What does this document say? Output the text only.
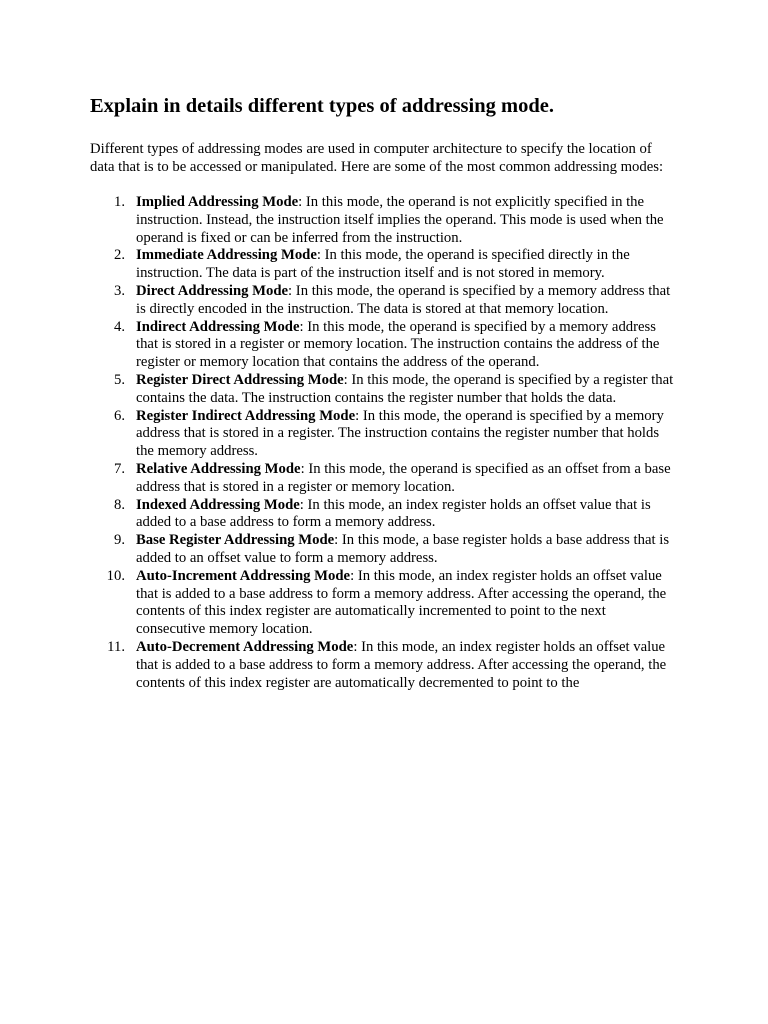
Explain in details different types of addressing mode.

Different types of addressing modes are used in computer architecture to specify the location of data that is to be accessed or manipulated. Here are some of the most common addressing modes:

1. Implied Addressing Mode: In this mode, the operand is not explicitly specified in the instruction. Instead, the instruction itself implies the operand. This mode is used when the operand is fixed or can be inferred from the instruction.
2. Immediate Addressing Mode: In this mode, the operand is specified directly in the instruction. The data is part of the instruction itself and is not stored in memory.
3. Direct Addressing Mode: In this mode, the operand is specified by a memory address that is directly encoded in the instruction. The data is stored at that memory location.
4. Indirect Addressing Mode: In this mode, the operand is specified by a memory address that is stored in a register or memory location. The instruction contains the address of the register or memory location that contains the address of the operand.
5. Register Direct Addressing Mode: In this mode, the operand is specified by a register that contains the data. The instruction contains the register number that holds the data.
6. Register Indirect Addressing Mode: In this mode, the operand is specified by a memory address that is stored in a register. The instruction contains the register number that holds the memory address.
7. Relative Addressing Mode: In this mode, the operand is specified as an offset from a base address that is stored in a register or memory location.
8. Indexed Addressing Mode: In this mode, an index register holds an offset value that is added to a base address to form a memory address.
9. Base Register Addressing Mode: In this mode, a base register holds a base address that is added to an offset value to form a memory address.
10. Auto-Increment Addressing Mode: In this mode, an index register holds an offset value that is added to a base address to form a memory address. After accessing the operand, the contents of this index register are automatically incremented to point to the next consecutive memory location.
11. Auto-Decrement Addressing Mode: In this mode, an index register holds an offset value that is added to a base address to form a memory address. After accessing the operand, the contents of this index register are automatically decremented to point to the
